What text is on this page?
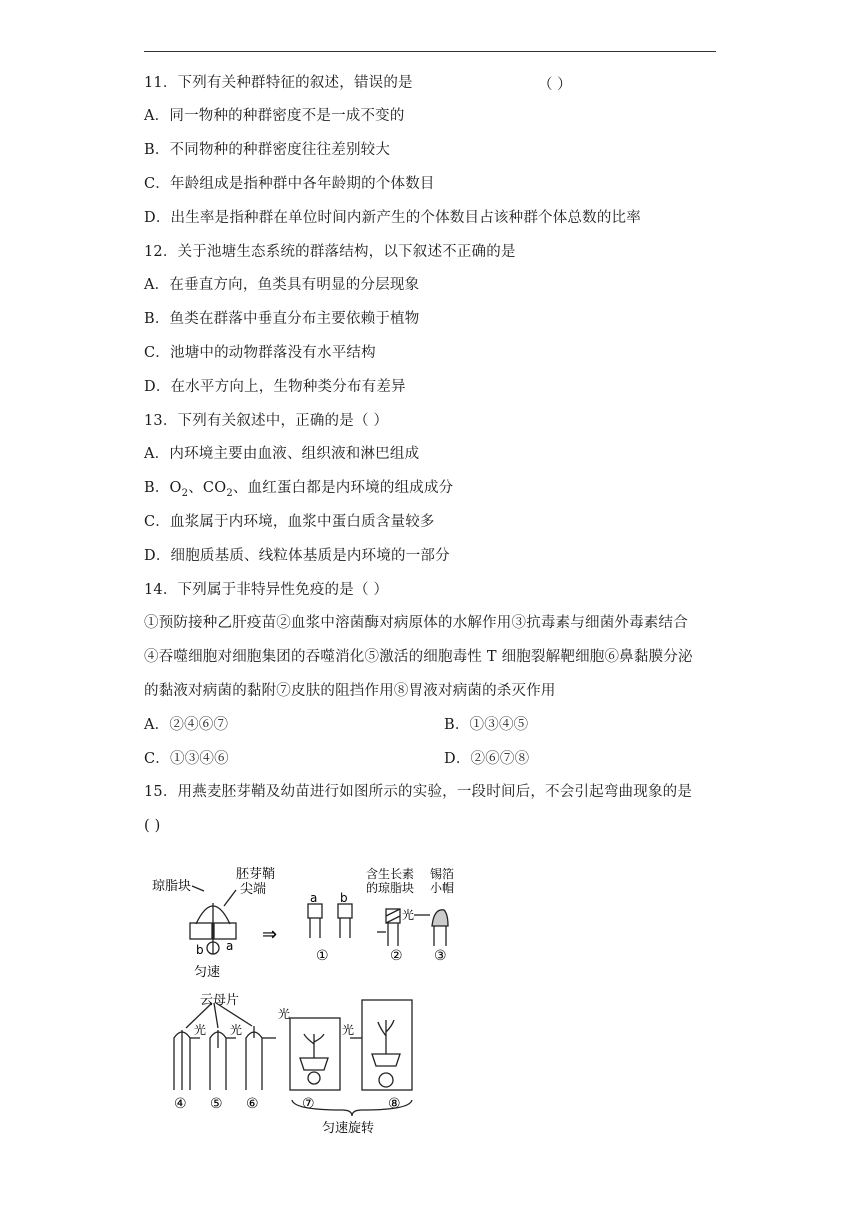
11．下列有关种群特征的叙述，错误的是	（ ）
A．同一物种的种群密度不是一成不变的
B．不同物种的种群密度往往差别较大
C．年龄组成是指种群中各年龄期的个体数目
D．出生率是指种群在单位时间内新产生的个体数目占该种群个体总数的比率
12．关于池塘生态系统的群落结构，以下叙述不正确的是
A．在垂直方向，鱼类具有明显的分层现象
B．鱼类在群落中垂直分布主要依赖于植物
C．池塘中的动物群落没有水平结构
D．在水平方向上，生物种类分布有差异
13．下列有关叙述中，正确的是（ ）
A．内环境主要由血液、组织液和淋巴组成
B．$O_2$、$CO_2$、血红蛋白都是内环境的组成成分
C．血浆属于内环境，血浆中蛋白质含量较多
D．细胞质基质、线粒体基质是内环境的一部分
14．下列属于非特异性免疫的是（ ）
①预防接种乙肝疫苗②血浆中溶菌酶对病原体的水解作用③抗毒素与细菌外毒素结合
④吞噬细胞对细胞集团的吞噬消化⑤激活的细胞毒性 T 细胞裂解靶细胞⑥鼻黏膜分泌
的黏液对病菌的黏附⑦皮肤的阻挡作用⑧胃液对病菌的杀灭作用
A．②④⑥⑦	B．①③④⑤
C．①③④⑥	D．②⑥⑦⑧
15．用燕麦胚芽鞘及幼苗进行如图所示的实验，一段时间后，不会引起弯曲现象的是
( )
琼脂块
胚芽鞘
尖端
b a
匀速
⇒
a b
①
含生长素
的琼脂块
锡箔
小帽
光
② ③
云母片
光
光 光	光
④ ⑤ ⑥	⑦	⑧
匀速旋转
